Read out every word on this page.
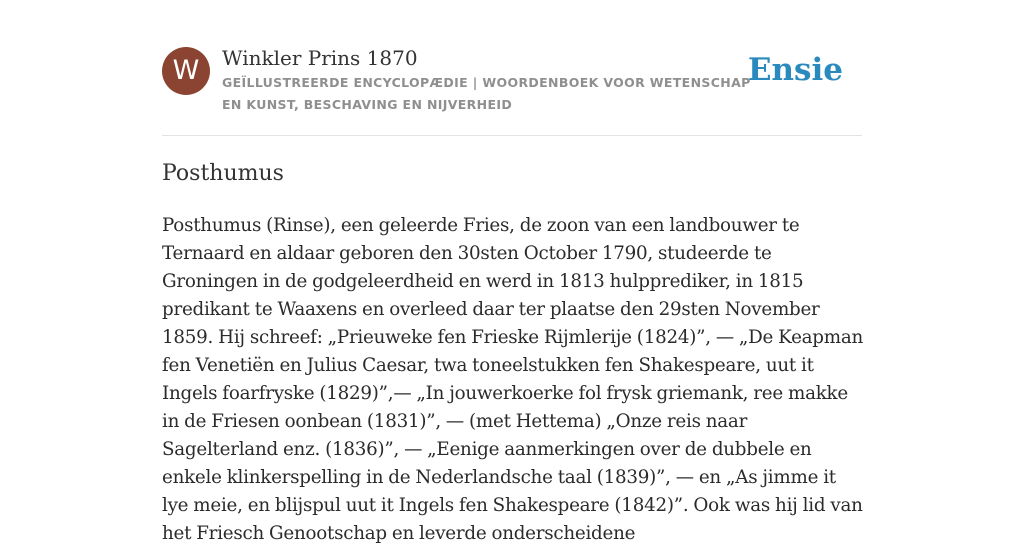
W	Winkler Prins 1870
GEÏLLUSTREERDE ENCYCLOPÆDIE | WOORDENBOEK VOOR WETENSCHAP EN KUNST, BESCHAVING EN NIJVERHEID
Ensie
Posthumus

Posthumus (Rinse), een geleerde Fries, de zoon van een landbouwer te Ternaard en aldaar geboren den 30sten October 1790, studeerde te Groningen in de godgeleerdheid en werd in 1813 hulpprediker, in 1815 predikant te Waaxens en overleed daar ter plaatse den 29sten November 1859. Hij schreef: „Prieuweke fen Frieske Rijmlerije (1824)”, — „De Keapman fen Venetiën en Julius Caesar, twa toneelstukken fen Shakespeare, uut it Ingels foarfryske (1829)”,— „In jouwerkoerke fol frysk griemank, ree makke in de Friesen oonbean (1831)”, — (met Hettema) „Onze reis naar Sagelterland enz. (1836)”, — „Eenige aanmerkingen over de dubbele en enkele klinkerspelling in de Nederlandsche taal (1839)”, — en „As jimme it lye meie, en blijspul uut it Ingels fen Shakespeare (1842)”. Ook was hij lid van het Friesch Genootschap en leverde onderscheidene
